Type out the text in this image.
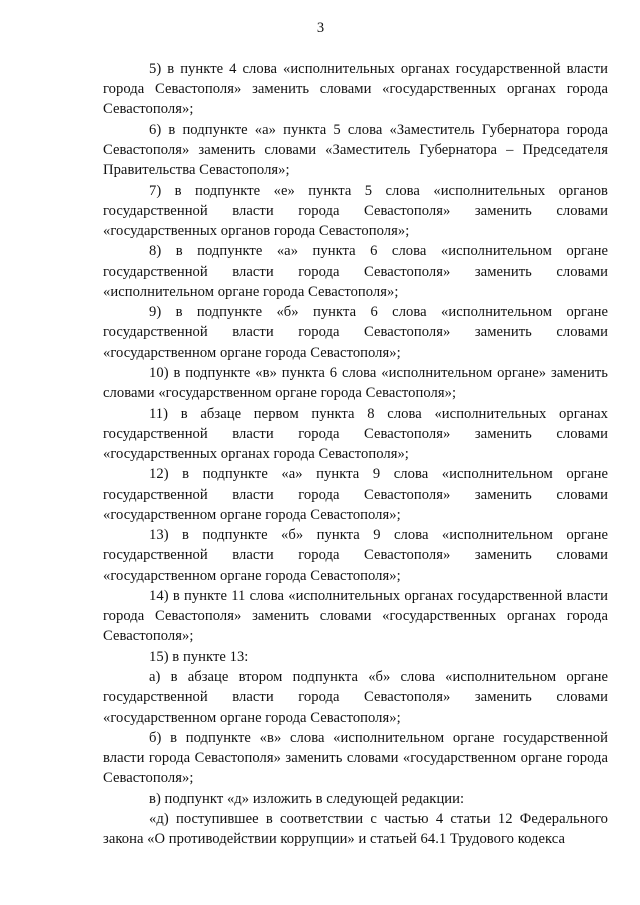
3

5) в пункте 4 слова «исполнительных органах государственной власти города Севастополя» заменить словами «государственных органах города Севастополя»;

6) в подпункте «а» пункта 5 слова «Заместитель Губернатора города Севастополя» заменить словами «Заместитель Губернатора – Председателя Правительства Севастополя»;

7) в подпункте «е» пункта 5 слова «исполнительных органов государственной власти города Севастополя» заменить словами «государственных органов города Севастополя»;

8) в подпункте «а» пункта 6 слова «исполнительном органе государственной власти города Севастополя» заменить словами «исполнительном органе города Севастополя»;

9) в подпункте «б» пункта 6 слова «исполнительном органе государственной власти города Севастополя» заменить словами «государственном органе города Севастополя»;

10) в подпункте «в» пункта 6 слова «исполнительном органе» заменить словами «государственном органе города Севастополя»;

11) в абзаце первом пункта 8 слова «исполнительных органах государственной власти города Севастополя» заменить словами «государственных органах города Севастополя»;

12) в подпункте «а» пункта 9 слова «исполнительном органе государственной власти города Севастополя» заменить словами «государственном органе города Севастополя»;

13) в подпункте «б» пункта 9 слова «исполнительном органе государственной власти города Севастополя» заменить словами «государственном органе города Севастополя»;

14) в пункте 11 слова «исполнительных органах государственной власти города Севастополя» заменить словами «государственных органах города Севастополя»;

15) в пункте 13:

а) в абзаце втором подпункта «б» слова «исполнительном органе государственной власти города Севастополя» заменить словами «государственном органе города Севастополя»;

б) в подпункте «в» слова «исполнительном органе государственной власти города Севастополя» заменить словами «государственном органе города Севастополя»;

в) подпункт «д» изложить в следующей редакции:

«д) поступившее в соответствии с частью 4 статьи 12 Федерального закона «О противодействии коррупции» и статьей 64.1 Трудового кодекса
